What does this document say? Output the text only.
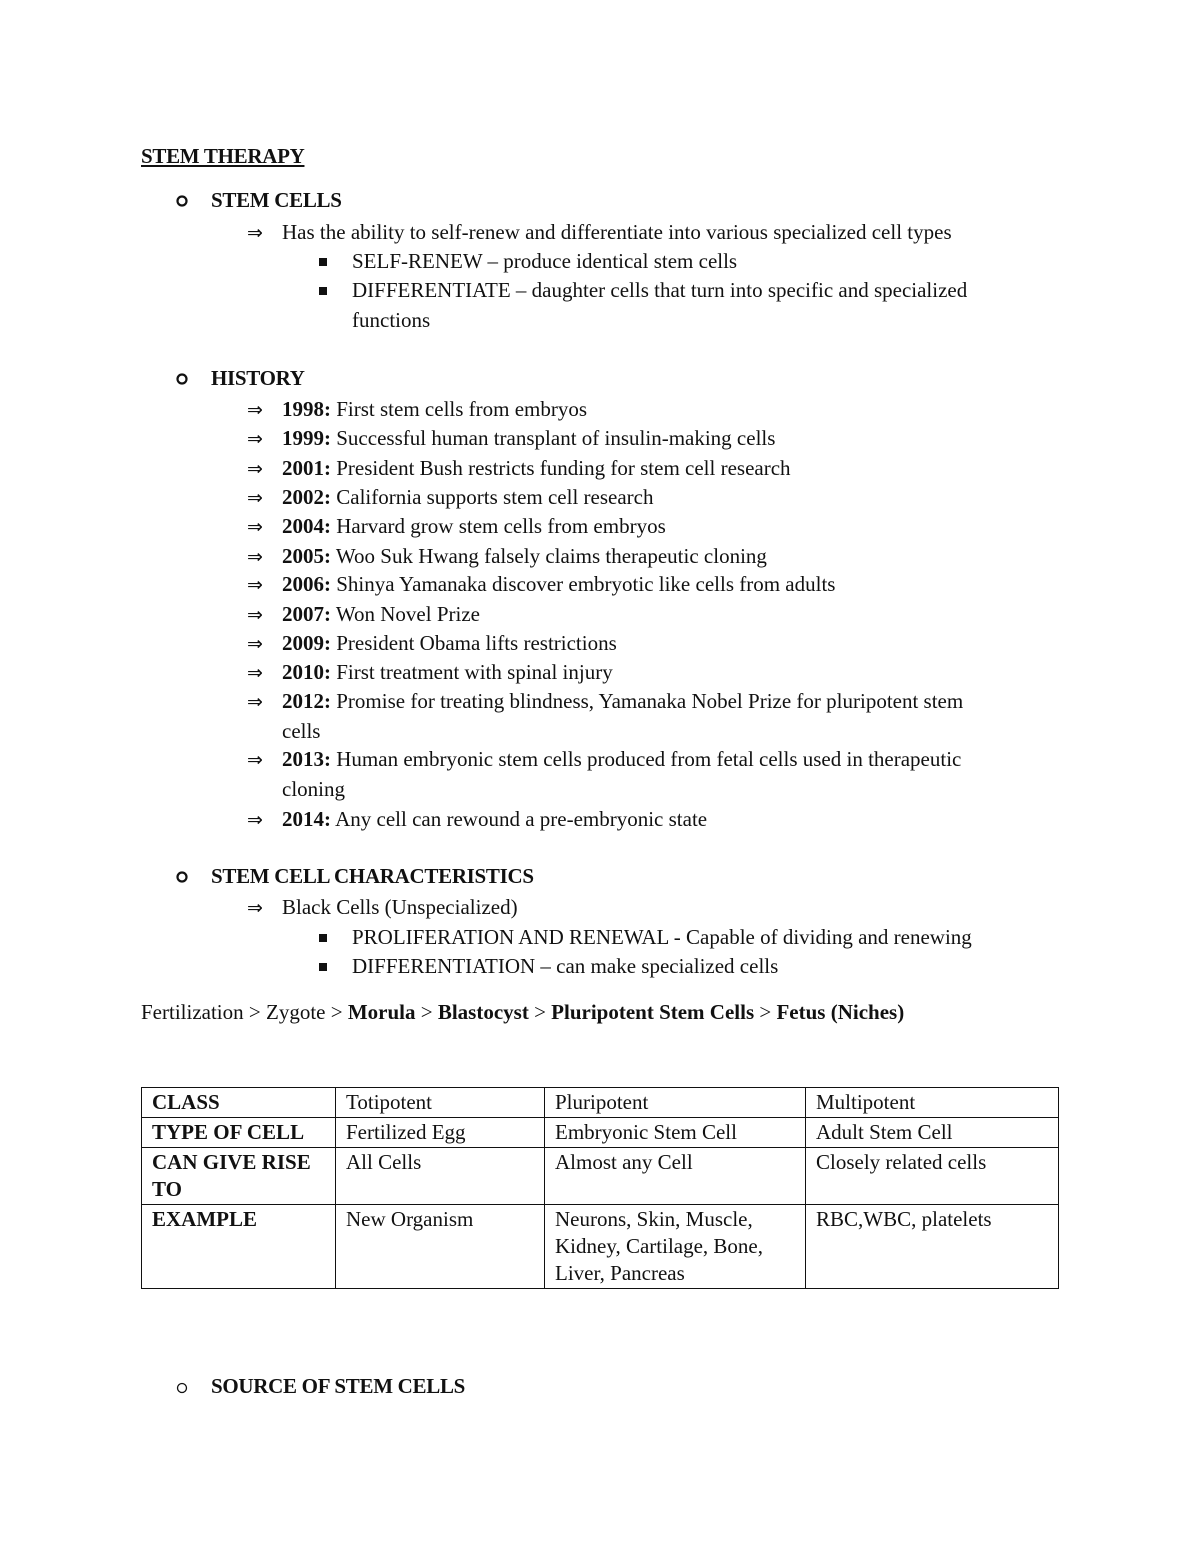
STEM THERAPY
STEM CELLS
⇒ Has the ability to self-renew and differentiate into various specialized cell types
SELF-RENEW – produce identical stem cells
DIFFERENTIATE – daughter cells that turn into specific and specialized
functions
HISTORY
⇒ 1998: First stem cells from embryos
⇒ 1999: Successful human transplant of insulin-making cells
⇒ 2001: President Bush restricts funding for stem cell research
⇒ 2002: California supports stem cell research
⇒ 2004: Harvard grow stem cells from embryos
⇒ 2005: Woo Suk Hwang falsely claims therapeutic cloning
⇒ 2006: Shinya Yamanaka discover embryotic like cells from adults
⇒ 2007: Won Novel Prize
⇒ 2009: President Obama lifts restrictions
⇒ 2010: First treatment with spinal injury
⇒ 2012: Promise for treating blindness, Yamanaka Nobel Prize for pluripotent stem
cells
⇒ 2013: Human embryonic stem cells produced from fetal cells used in therapeutic
cloning
⇒ 2014: Any cell can rewound a pre-embryonic state
STEM CELL CHARACTERISTICS
⇒ Black Cells (Unspecialized)
PROLIFERATION AND RENEWAL - Capable of dividing and renewing
DIFFERENTIATION – can make specialized cells
Fertilization > Zygote > Morula > Blastocyst > Pluripotent Stem Cells > Fetus (Niches)
CLASS	Totipotent	Pluripotent	Multipotent
TYPE OF CELL	Fertilized Egg	Embryonic Stem Cell	Adult Stem Cell
CAN GIVE RISE TO	All Cells	Almost any Cell	Closely related cells
EXAMPLE	New Organism	Neurons, Skin, Muscle, Kidney, Cartilage, Bone, Liver, Pancreas	RBC,WBC, platelets
SOURCE OF STEM CELLS
